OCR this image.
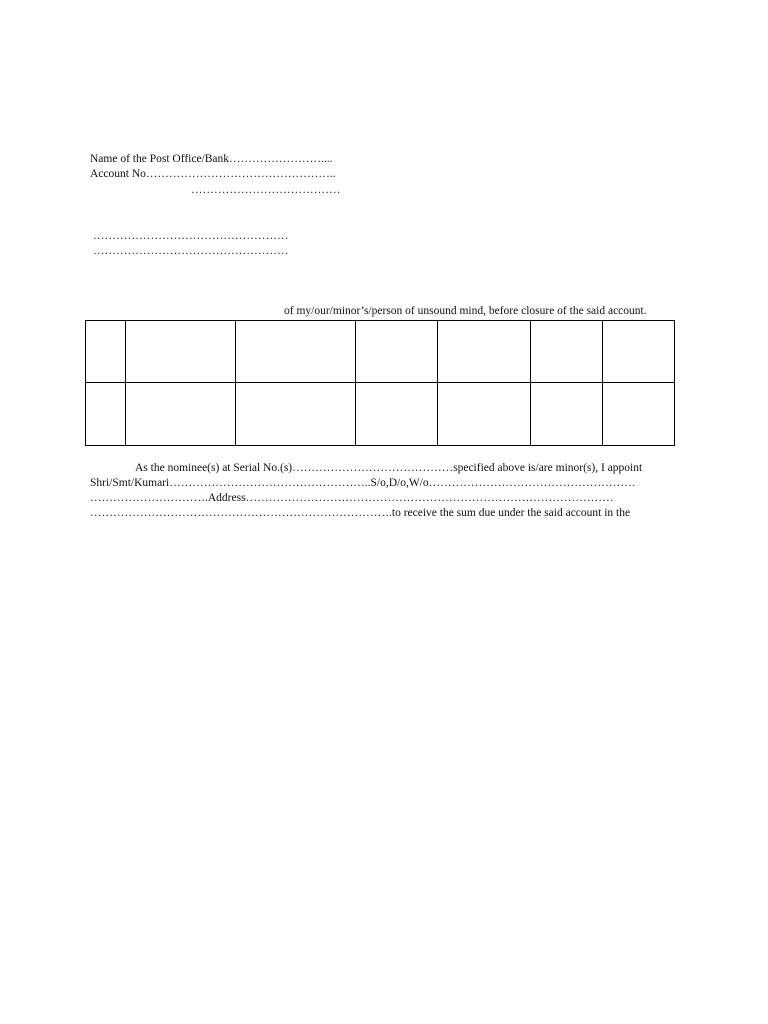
Name of the Post Office/Bank……………………....
Account No…………………………………………..
…………………………………
……………………………………………
……………………………………………
of my/our/minor’s/person of unsound mind, before closure of the said account.

As the nominee(s) at Serial No.(s)……………………………………specified above is/are minor(s), I appoint
Shri/Smt/Kumari……………………………………………..S/o,D/o,W/o………………………………………………
………………………….Address……………………………………………………………………………………
…………………………………………………………………….to receive the sum due under the said account in the
